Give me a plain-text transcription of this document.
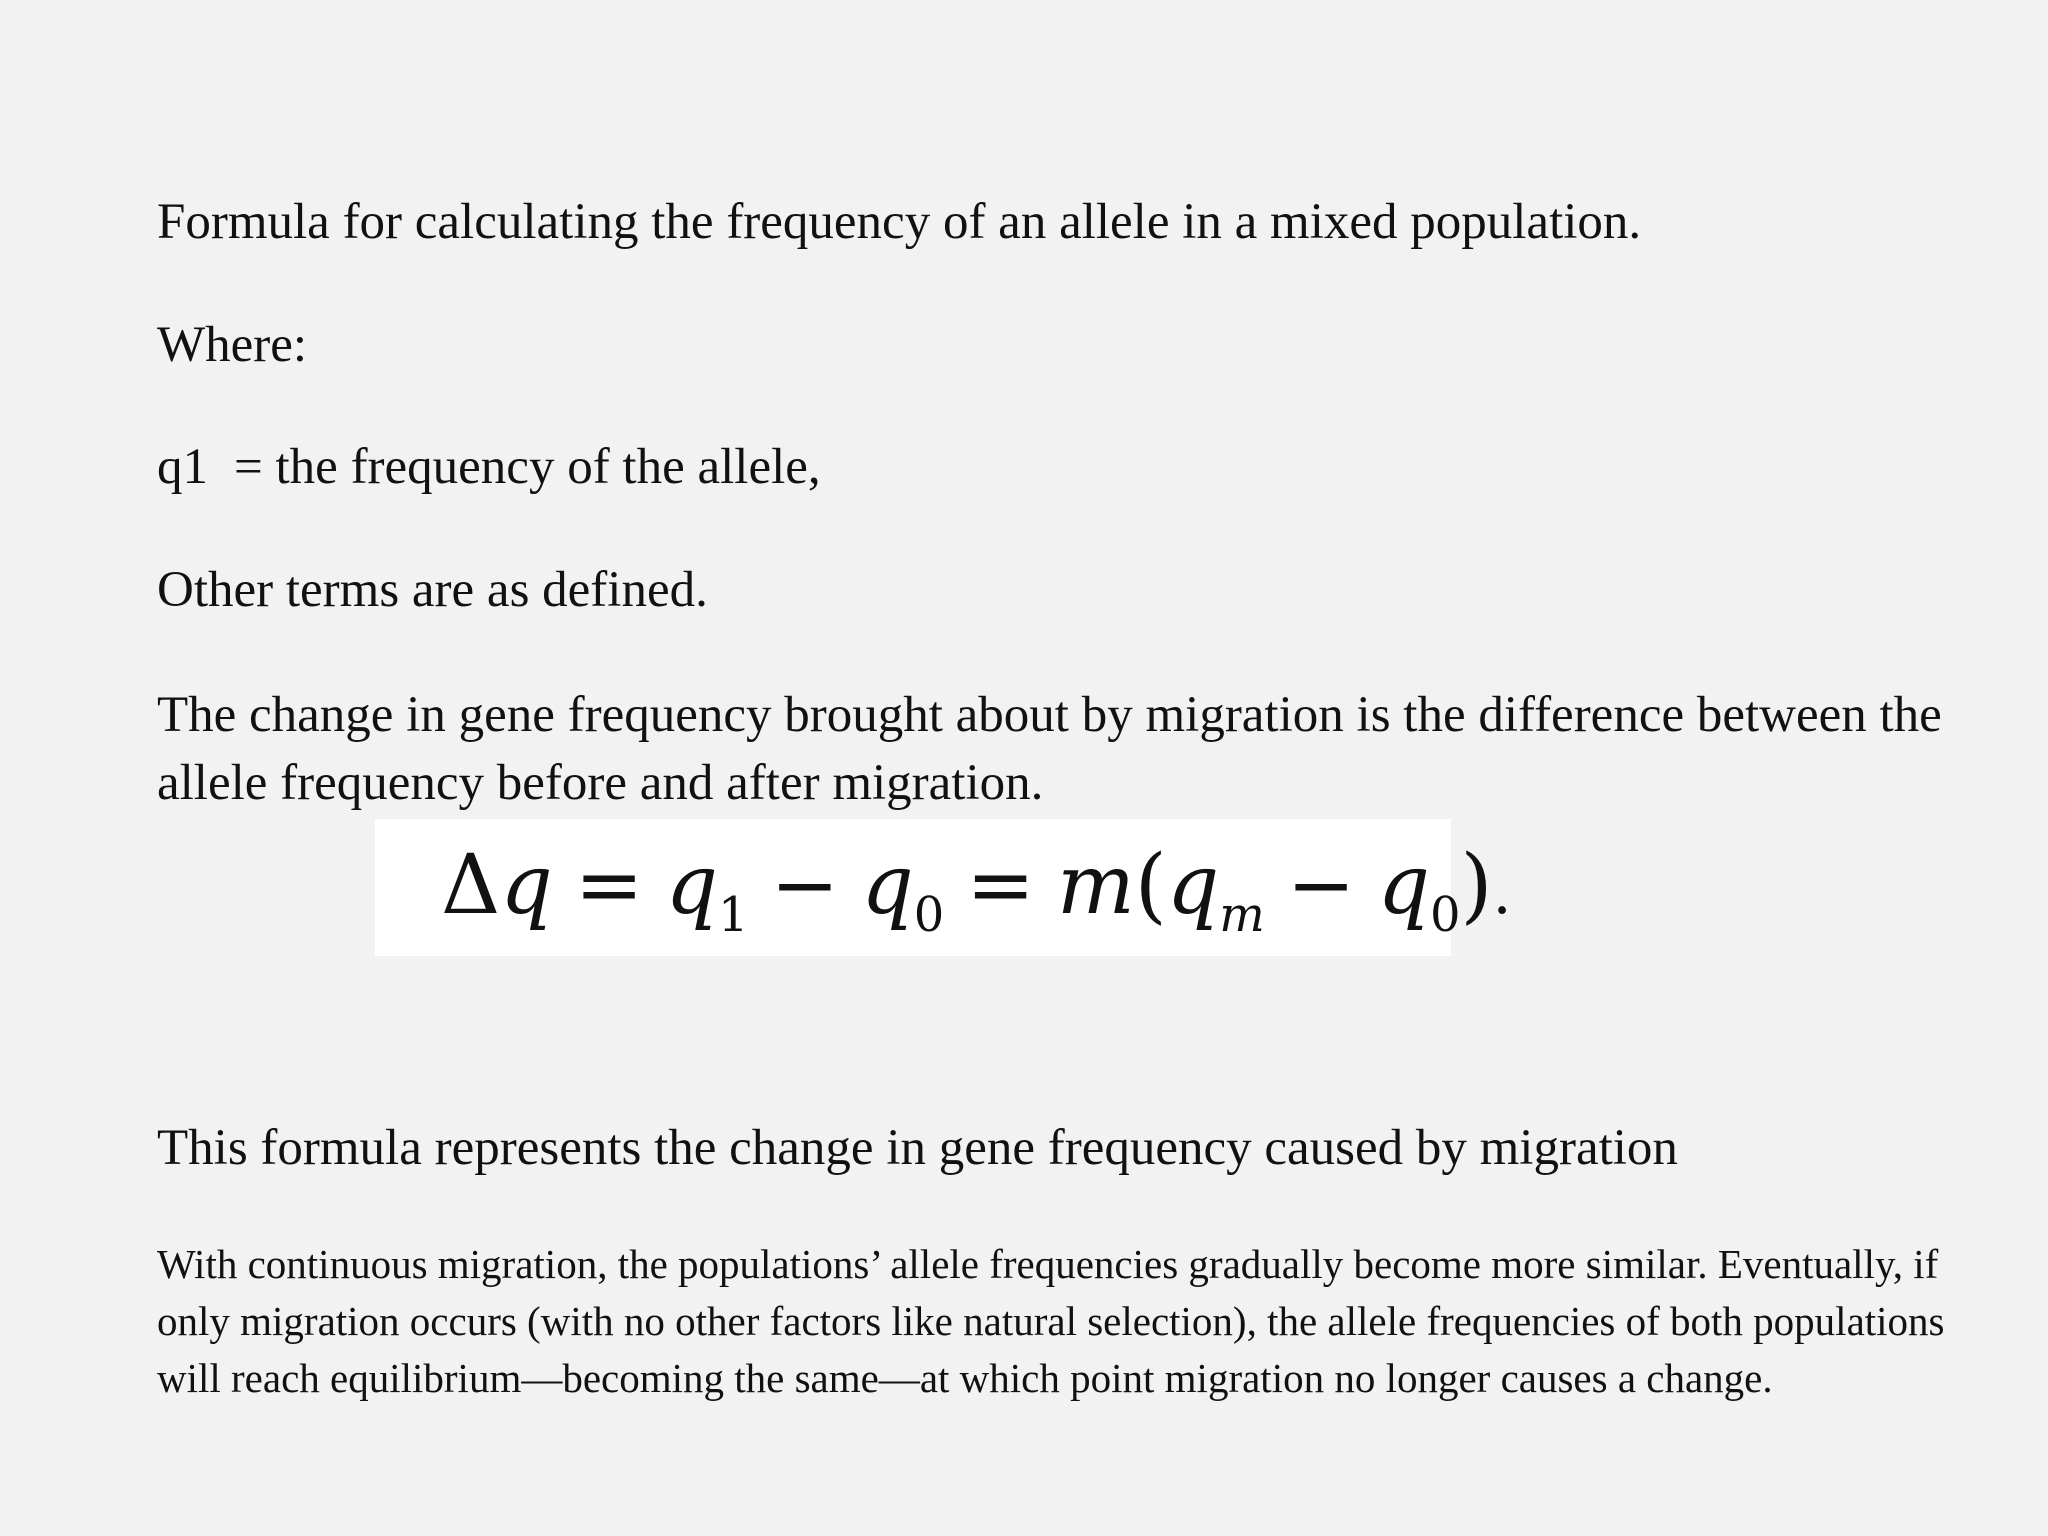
Formula for calculating the frequency of an allele in a mixed population.

Where:

q1 = the frequency of the allele,

Other terms are as defined.

The change in gene frequency brought about by migration is the difference between the allele frequency before and after migration.

$\Delta q = q_1 - q_0 = m(q_m - q_0)$.

This formula represents the change in gene frequency caused by migration

With continuous migration, the populations’ allele frequencies gradually become more similar. Eventually, if only migration occurs (with no other factors like natural selection), the allele frequencies of both populations will reach equilibrium—becoming the same—at which point migration no longer causes a change.
